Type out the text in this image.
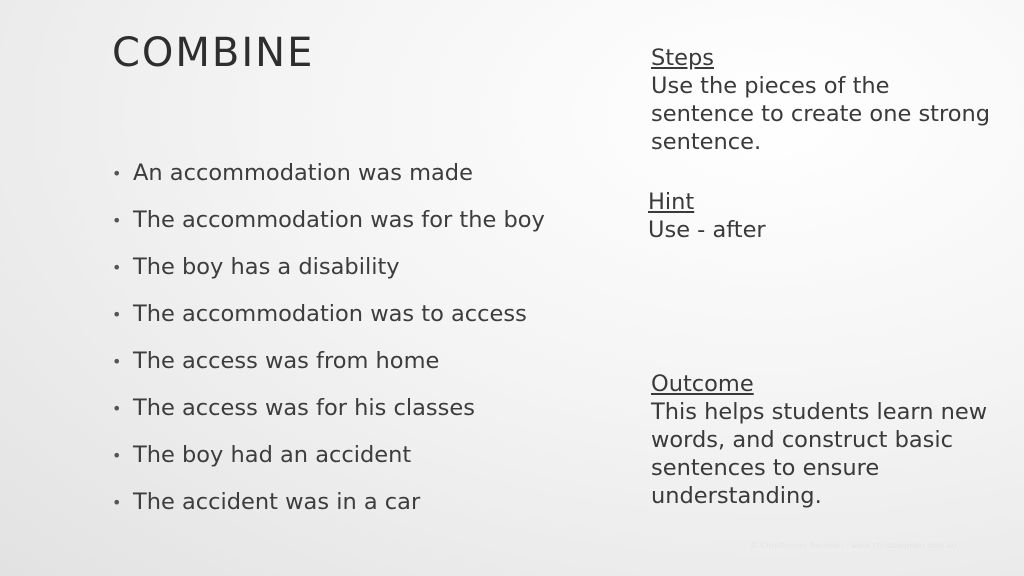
COMBINE
• An accommodation was made
• The accommodation was for the boy
• The boy has a disability
• The accommodation was to access
• The access was from home
• The access was for his classes
• The boy had an accident
• The accident was in a car
Steps
Use the pieces of the sentence to create one strong sentence.
Hint
Use - after
Outcome
This helps students learn new words, and construct basic sentences to ensure understanding.
© Christopher Bauman - www.chrisbauman.com.au
